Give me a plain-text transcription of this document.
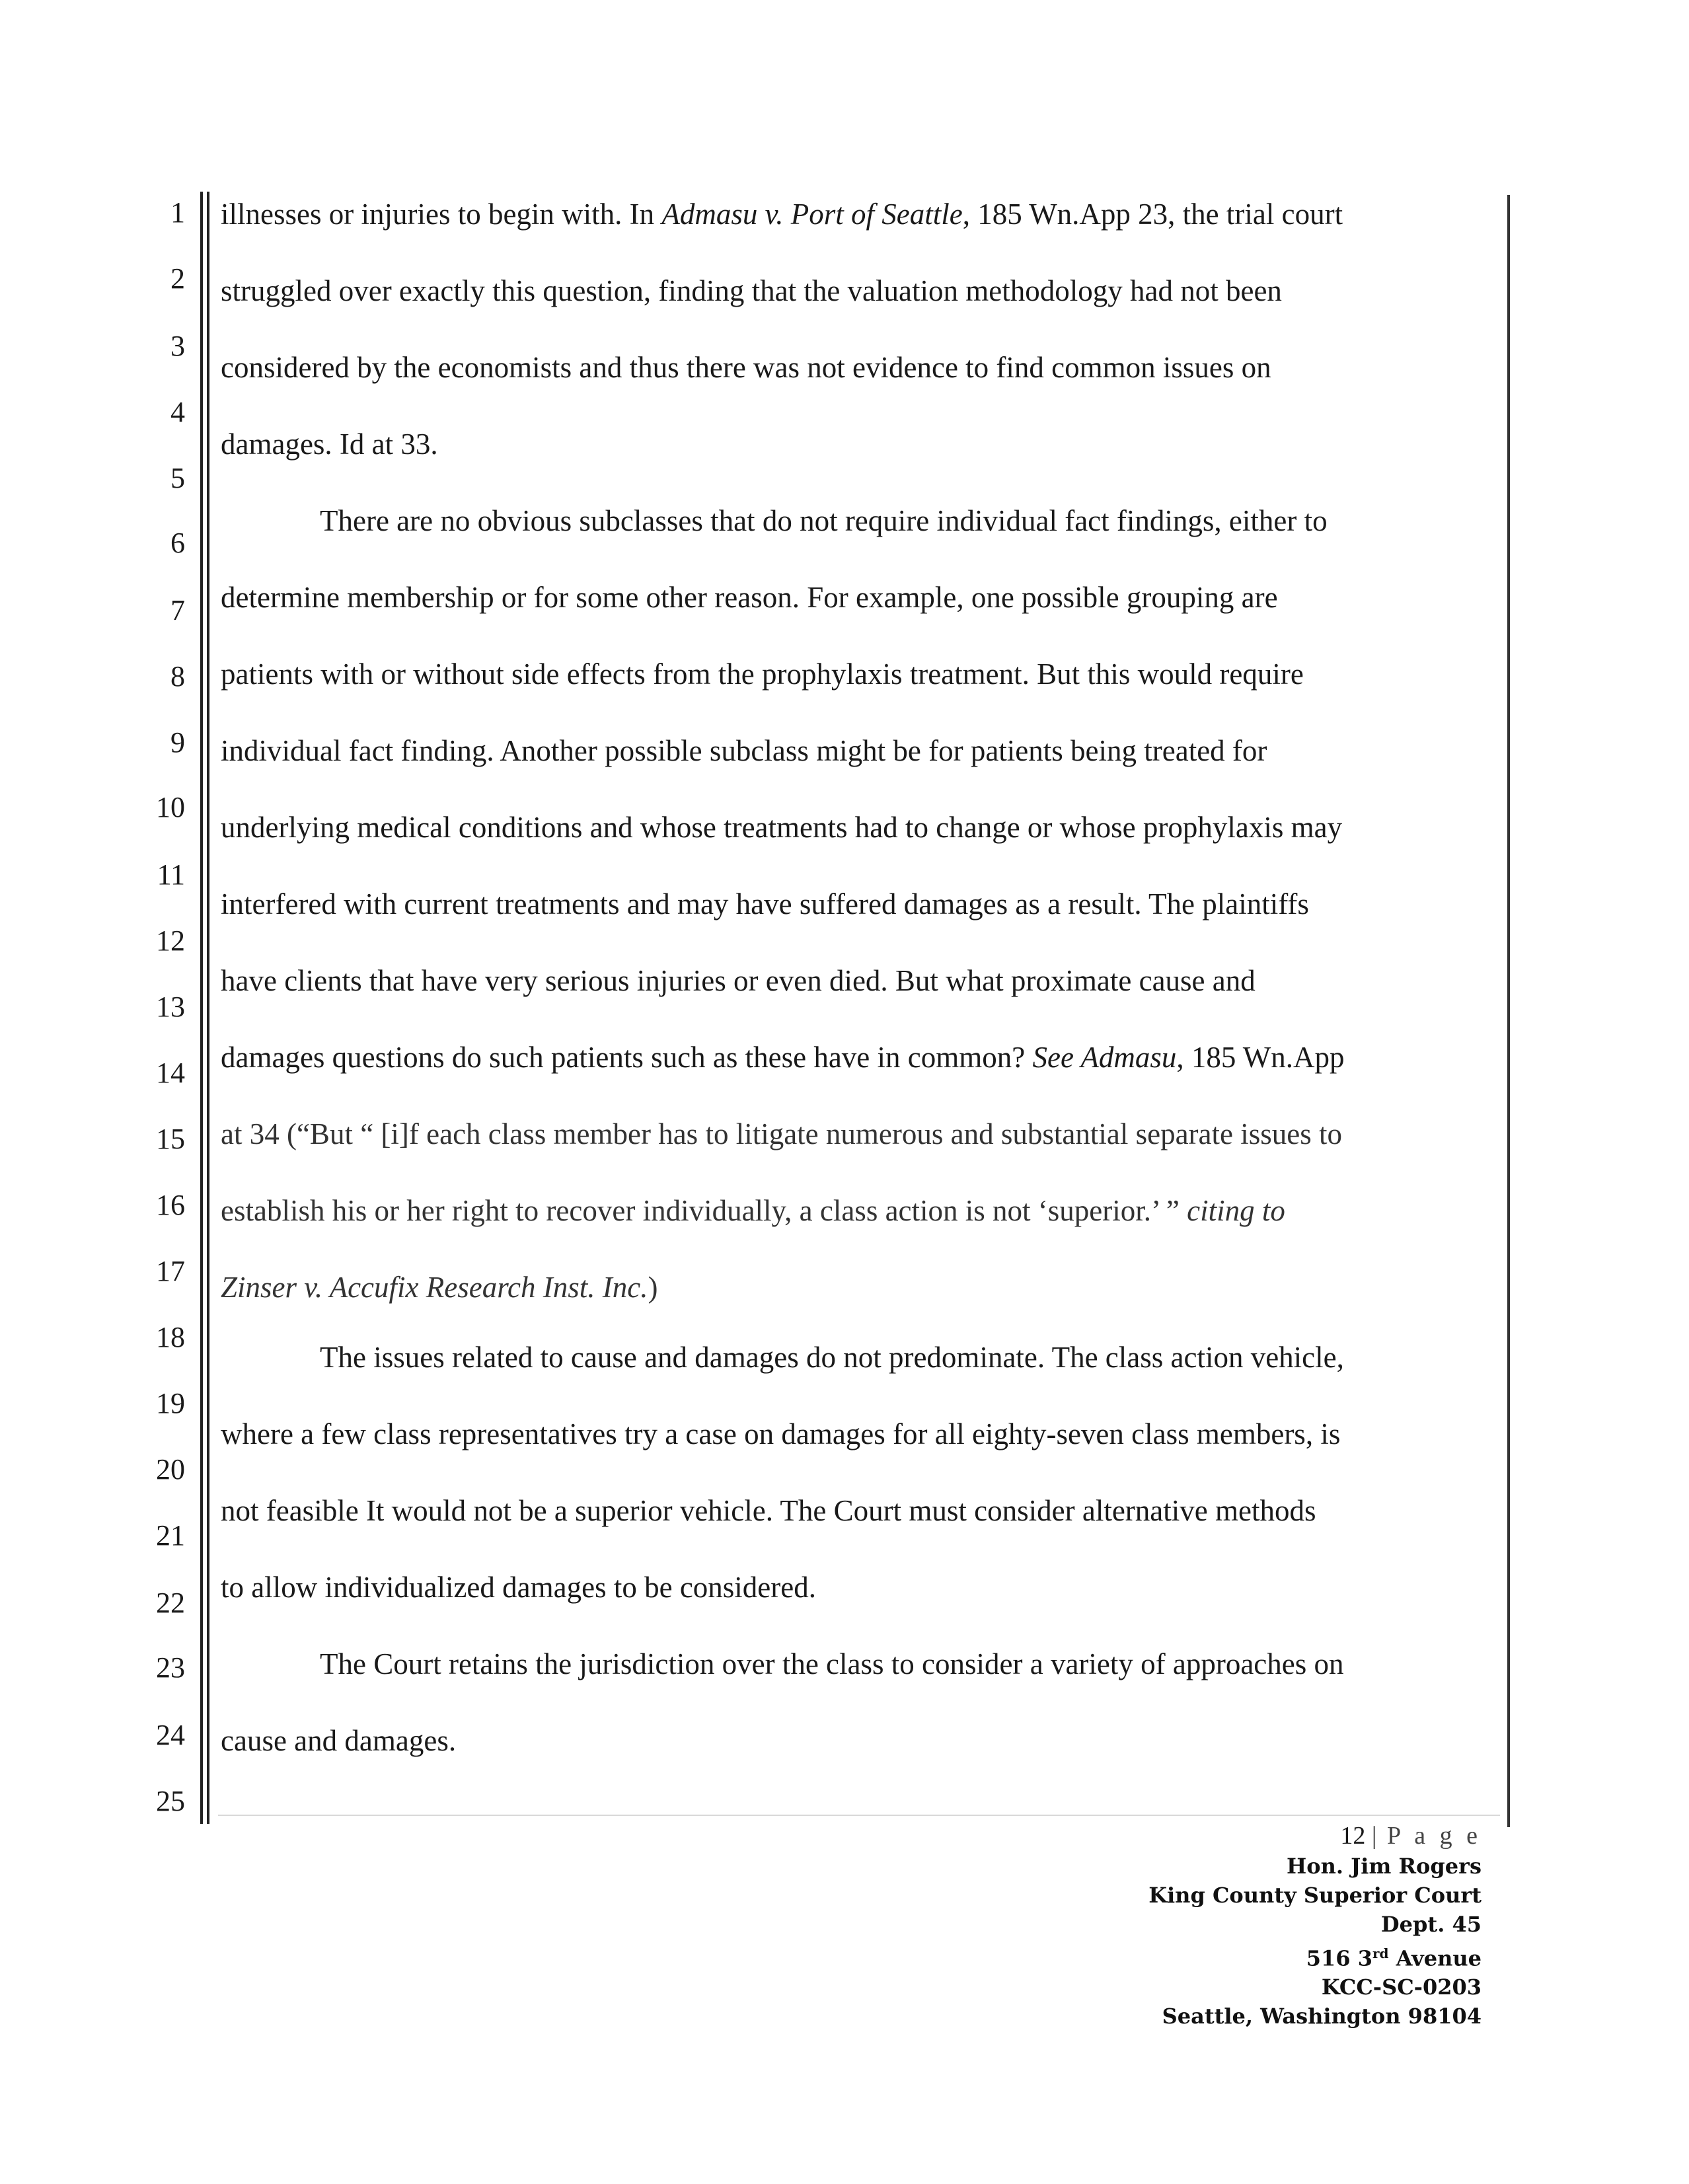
1
2
3
4
5
6
7
8
9
10
11
12
13
14
15
16
17
18
19
20
21
22
23
24
25
illnesses or injuries to begin with. In Admasu v. Port of Seattle, 185 Wn.App 23, the trial court
struggled over exactly this question, finding that the valuation methodology had not been
considered by the economists and thus there was not evidence to find common issues on
damages. Id at 33.
There are no obvious subclasses that do not require individual fact findings, either to
determine membership or for some other reason. For example, one possible grouping are
patients with or without side effects from the prophylaxis treatment. But this would require
individual fact finding. Another possible subclass might be for patients being treated for
underlying medical conditions and whose treatments had to change or whose prophylaxis may
interfered with current treatments and may have suffered damages as a result. The plaintiffs
have clients that have very serious injuries or even died. But what proximate cause and
damages questions do such patients such as these have in common? See Admasu, 185 Wn.App
at 34 (“But “ [i]f each class member has to litigate numerous and substantial separate issues to
establish his or her right to recover individually, a class action is not ‘superior.’ ” citing to
Zinser v. Accufix Research Inst. Inc.)
The issues related to cause and damages do not predominate. The class action vehicle,
where a few class representatives try a case on damages for all eighty-seven class members, is
not feasible It would not be a superior vehicle. The Court must consider alternative methods
to allow individualized damages to be considered.
The Court retains the jurisdiction over the class to consider a variety of approaches on
cause and damages.
12 | P a g e
Hon. Jim Rogers
King County Superior Court
Dept. 45
516 3rd Avenue
KCC-SC-0203
Seattle, Washington 98104
